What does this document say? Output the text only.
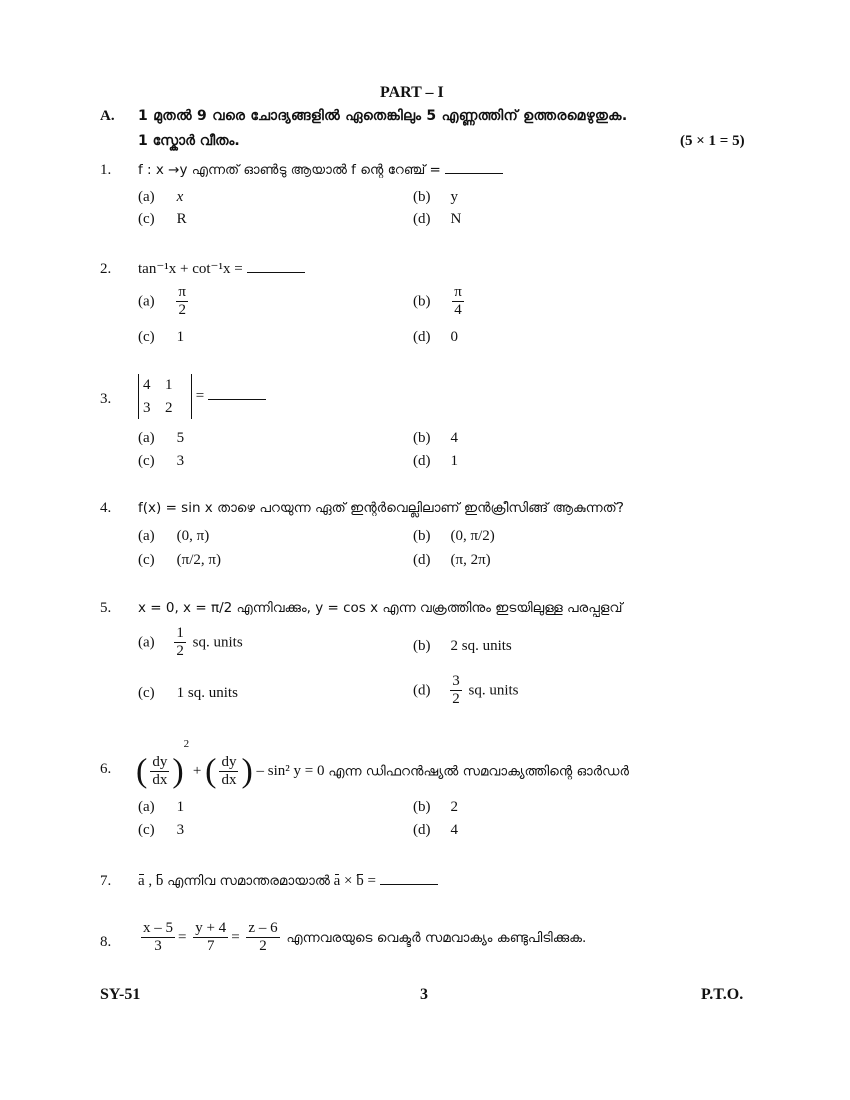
PART – I
A. 1 മുതൽ 9 വരെ ചോദ്യങ്ങളിൽ ഏതെങ്കിലും 5 എണ്ണത്തിന് ഉത്തരമെഴുതുക.
1 സ്കോർ വീതം.	(5 × 1 = 5)
1. f : x →y എന്നത് ഓൺടു ആയാൽ f ന്റെ റേഞ്ച് =
(a) x	(b) y
(c) R	(d) N
2. tan⁻¹x + cot⁻¹x =
$(a) \frac{\pi}{2}$	$(b) \frac{\pi}{4}$
(c) 1	(d) 0
3.
4 1
3 2 =
(a) 5	(b) 4
(c) 3	(d) 1
4. f(x) = sin x താഴെ പറയുന്ന ഏത് ഇന്റർവെല്ലിലാണ് ഇൻക്രീസിങ്ങ് ആകുന്നത്?
(a) (0, π)	(b) (0, π/2)
(c) (π/2, π)	(d) (π, 2π)
5. x = 0, x = π/2 എന്നിവക്കും, y = cos x എന്ന വക്രത്തിനും ഇടയിലുള്ള പരപ്പളവ്
$(a) \frac{1}{2}$ sq. units	(b) 2 sq. units
(c) 1 sq. units	$(d) \frac{3}{2}$ sq. units
6. ( $\frac{dy}{dx} )^2$ + ( $\frac{dy}{dx}$ ) – sin² y = 0 എന്ന ഡിഫറൻഷ്യൽ സമവാക്യത്തിന്റെ ഓർഡർ
(a) 1	(b) 2
(c) 3	(d) 4
7. a , b എന്നിവ സമാന്തരമായാൽ a × b =
8. $\frac{x - 5}{3} = \frac{y + 4}{7} = \frac{z - 6}{2}$ എന്നവരയുടെ വെക്ടർ സമവാക്യം കണ്ടുപിടിക്കുക.
SY-51	3	P.T.O.
